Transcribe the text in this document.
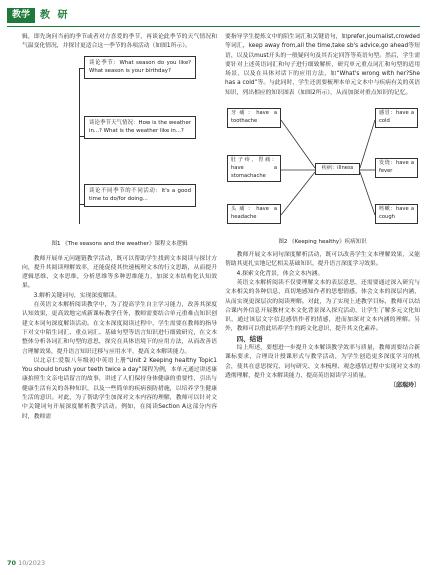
教学	教 研

辑，即先询问当前的季节或者对方喜爱的季节，再谈论此季节的天气情况和气温变化情况，并探讨更适合这一季节的各项活动（如图1所示）。

谈论季节：What season do you like? What season is your birthday?
谈论季节天气情况：How is the weather in...? What is the weather like in...?
谈论不同季节的不同活动：It's a good time to do/for doing...

图1 《The seasons and the weather》课程文本逻辑

教师开展单元问题链教学活动，既可以帮助学生找到文本阅读与探讨方向，提升其阅读理解效率，还能促使其快速梳理文本的行文思路，从而提升逻辑思维、文本思维，分析思维等多种思维能力，加深文本结构化认知效果。

3.解析关键词句，实现深度解读。

在英语文本解析阅读教学中，为了提高学生自主学习能力，改善其深度认知效果，更高效地完成新课标教学任务，教师需要结合单元重难点知识创建文本词句深度解读活动。在文本深度阅读过程中，学生需要在教师的指导下对文中陌生词汇、重点词汇、基础句型等语言知识进行细致研究，在文本整体分析各词汇和句型的意思，探究在具体语境下的应用方法，从而改善语言理解效果，提升语言知识迁移与应用水平，提高文本解读能力。

以北京仁爱版八年级初中英语上册“Unit 2 Keeping healthy Topic1 You should brush your teeth twice a day”课程为例，本单元通过讲述康康拍照生文亲电话留言的故事，讲述了人们保持身体健康的重要性，引出与健康生活有关的各种知识，以及一些简单的疾病预防措施，以培养学生健康生活的意识。对此，为了帮助学生加深对文本内容的理解，教师可以针对文中关键词句开展深度解析教学活动。例如，在阅读Section A这部分内容时，教师需

要指导学生提炼文中的陌生词汇和关键语句，如prefer,journalist,crowded等词汇，keep away from,all the time,take sb's advice,go ahead等短语，以及以must开头的一般疑问句及其否定回答等英语句型。然后，学生需要针对上述英语词汇和句子进行细致解析，研究单元重点词汇和句型的适用场景，以及在具体对话下的应用方法，如“What's wrong with her?She has a cold”等。与此同时，学生还需要梳理本单元文本中与疾病有关的英语知识，列出相应的知识图表（如图2所示），从而加深对重点知识的记忆。

牙痛：have a toothache
肚子疼、胃痛：have a stomachache
头痛：have a headache
疾病：illness
感冒：have a cold
发烧：have a fever
咳嗽：have a cough

图2 《Keeping healthy》疾病知识

教师开展文本词句深度解析活动，既可以改善学生文本理解效果，又能帮助其更扎实地记忆相关基础知识，提升语言深度学习效果。

4.探索文化背景，体会文本内涵。

英语文本解析阅读不仅要理解文本的表层意思，还需要通过深入研究与文本相关的各种信息，真切地感知作者的思想情感，体会文本的深层内涵，从而实现更深层次的阅读理解。对此，为了实现上述教学目标，教师可以结合课内外信息开展教材文本文化背景深入探究活动，让学生了解多元文化知识，通过该层文字信息感悟作者的情感，进而加深对文本内涵的理解。另外，教师可以借此培养学生的跨文化意识，提升其文化素养。

四、结语

综上所述，要想进一步提升文本解读教学效率与质量，教师需要结合新课标要求，合理设计授课形式与教学活动，为学生创造更多深度学习的机会，使其在意思探究、词句研究、文本梳理、观念感悟过程中实现对文本的透彻理解，提升文本解读能力，提高英语阅读学习质量。

〔邱瑞玲〕

70 10/2023
